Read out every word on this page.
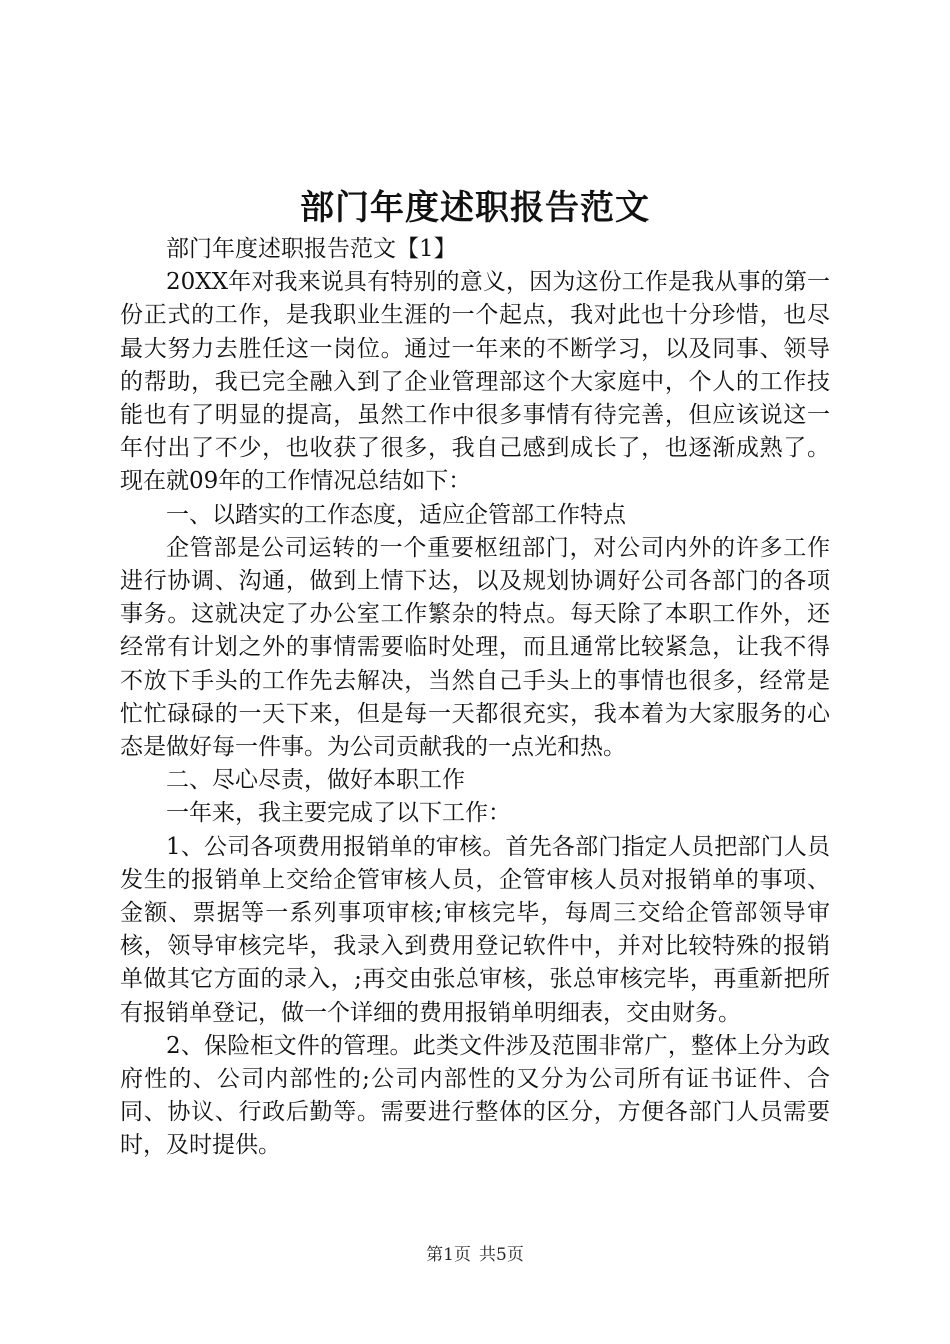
部门年度述职报告范文

部门年度述职报告范文【1】

20XX年对我来说具有特别的意义，因为这份工作是我从事的第一份正式的工作，是我职业生涯的一个起点，我对此也十分珍惜，也尽最大努力去胜任这一岗位。通过一年来的不断学习，以及同事、领导的帮助，我已完全融入到了企业管理部这个大家庭中，个人的工作技能也有了明显的提高，虽然工作中很多事情有待完善，但应该说这一年付出了不少，也收获了很多，我自己感到成长了，也逐渐成熟了。现在就09年的工作情况总结如下：

一、以踏实的工作态度，适应企管部工作特点

企管部是公司运转的一个重要枢纽部门，对公司内外的许多工作进行协调、沟通，做到上情下达，以及规划协调好公司各部门的各项事务。这就决定了办公室工作繁杂的特点。每天除了本职工作外，还经常有计划之外的事情需要临时处理，而且通常比较紧急，让我不得不放下手头的工作先去解决，当然自己手头上的事情也很多，经常是忙忙碌碌的一天下来，但是每一天都很充实，我本着为大家服务的心态是做好每一件事。为公司贡献我的一点光和热。

二、尽心尽责，做好本职工作

一年来，我主要完成了以下工作：

1、公司各项费用报销单的审核。首先各部门指定人员把部门人员发生的报销单上交给企管审核人员，企管审核人员对报销单的事项、金额、票据等一系列事项审核;审核完毕，每周三交给企管部领导审核，领导审核完毕，我录入到费用登记软件中，并对比较特殊的报销单做其它方面的录入，;再交由张总审核，张总审核完毕，再重新把所有报销单登记，做一个详细的费用报销单明细表，交由财务。

2、保险柜文件的管理。此类文件涉及范围非常广，整体上分为政府性的、公司内部性的;公司内部性的又分为公司所有证书证件、合同、协议、行政后勤等。需要进行整体的区分，方便各部门人员需要时，及时提供。

第1页 共5页
